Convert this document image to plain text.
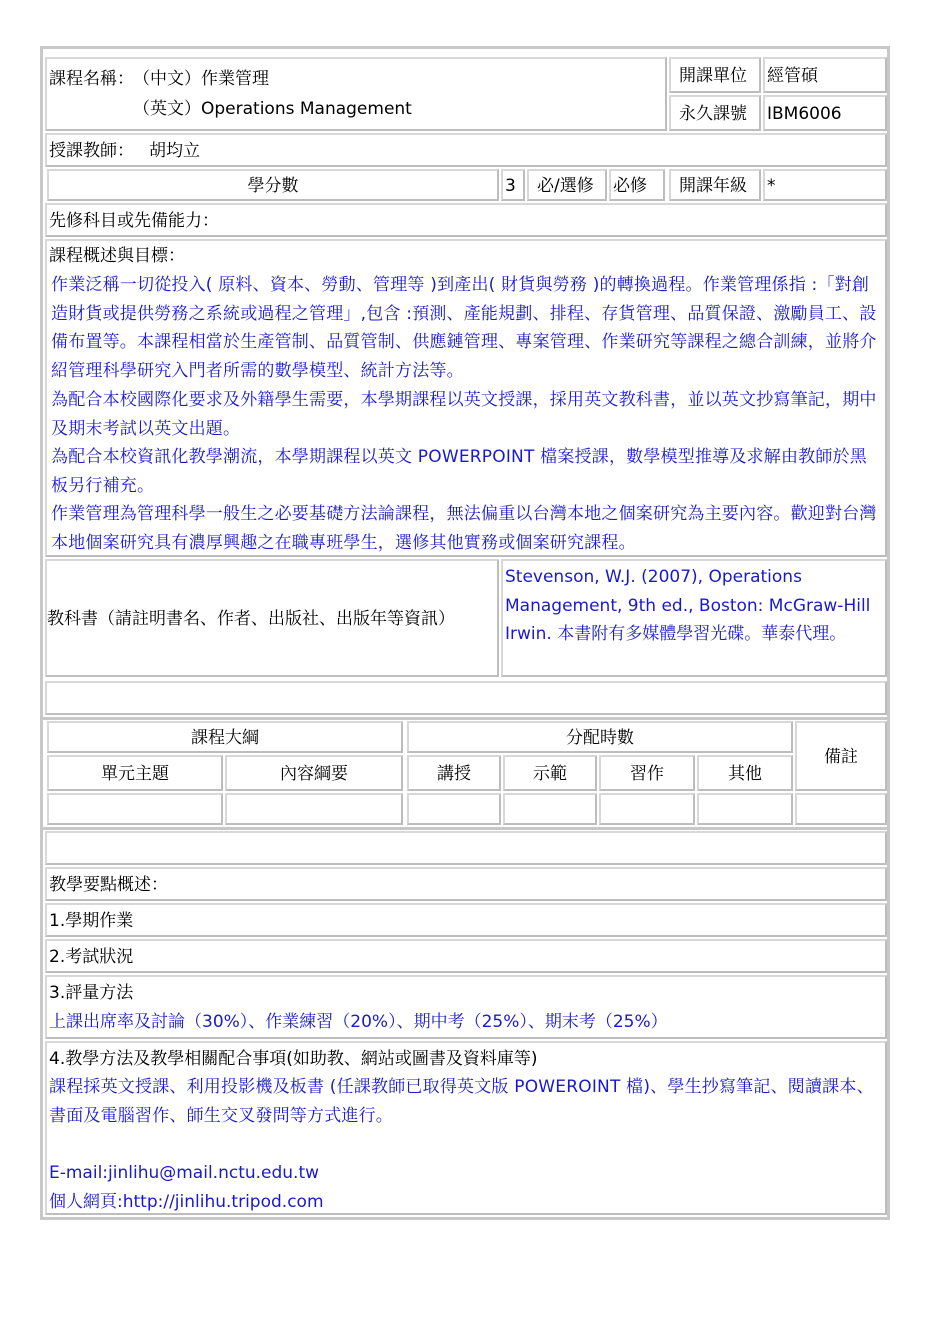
課程名稱： （中文）作業管理
（英文）Operations Management
開課單位 經管碩
永久課號 IBM6006
授課教師： 胡均立
學分數	3 必/選修 必修 開課年級 *
先修科目或先備能力：
課程概述與目標：
作業泛稱一切從投入( 原料、資本、勞動、管理等 )到產出( 財貨與勞務 )的轉換過程。作業管理係指 :「對創造財貨或提供勞務之系統或過程之管理」,包含 :預測、產能規劃、排程、存貨管理、品質保證、激勵員工、設備布置等。本課程相當於生產管制、品質管制、供應鏈管理、專案管理、作業研究等課程之總合訓練，並將介紹管理科學研究入門者所需的數學模型、統計方法等。
為配合本校國際化要求及外籍學生需要，本學期課程以英文授課，採用英文教科書，並以英文抄寫筆記，期中及期末考試以英文出題。
為配合本校資訊化教學潮流，本學期課程以英文 POWERPOINT 檔案授課，數學模型推導及求解由教師於黑板另行補充。
作業管理為管理科學一般生之必要基礎方法論課程，無法偏重以台灣本地之個案研究為主要內容。歡迎對台灣本地個案研究具有濃厚興趣之在職專班學生，選修其他實務或個案研究課程。
教科書（請註明書名、作者、出版社、出版年等資訊）
Stevenson, W.J. (2007), Operations Management, 9th ed., Boston: McGraw-Hill Irwin. 本書附有多媒體學習光碟。華泰代理。
課程大綱	分配時數
備註
單元主題	內容綱要	講授	示範	習作	其他
教學要點概述：
1.學期作業
2.考試狀況
3.評量方法
上課出席率及討論（30%）、作業練習（20%）、期中考（25%）、期末考（25%）
4.教學方法及教學相關配合事項(如助教、網站或圖書及資料庫等)
課程採英文授課、利用投影機及板書 (任課教師已取得英文版 POWEROINT 檔)、學生抄寫筆記、閱讀課本、書面及電腦習作、師生交叉發問等方式進行。
E-mail:jinlihu@mail.nctu.edu.tw
個人網頁:http://jinlihu.tripod.com
